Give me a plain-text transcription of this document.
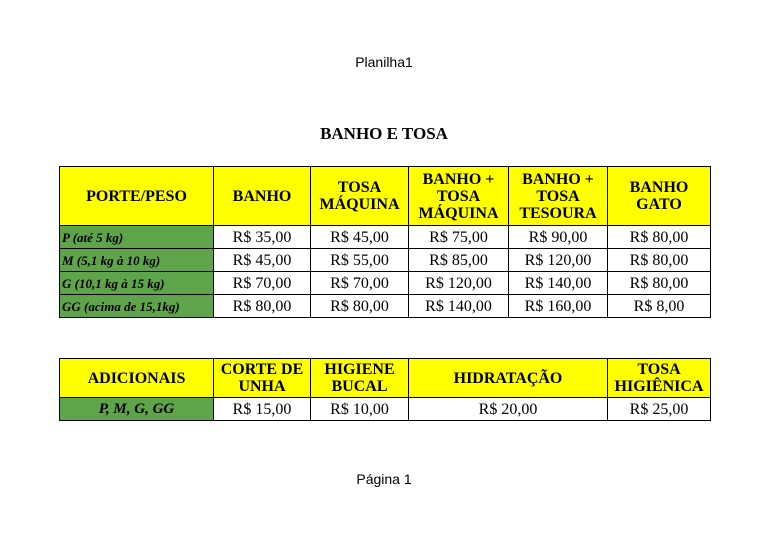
Planilha1
BANHO E TOSA
PORTE/PESO	BANHO	TOSA MÁQUINA	BANHO + TOSA MÁQUINA	BANHO + TOSA TESOURA	BANHO GATO
P (até 5 kg)	R$ 35,00	R$ 45,00	R$ 75,00	R$ 90,00	R$ 80,00
M (5,1 kg à 10 kg)	R$ 45,00	R$ 55,00	R$ 85,00	R$ 120,00	R$ 80,00
G (10,1 kg à 15 kg)	R$ 70,00	R$ 70,00	R$ 120,00	R$ 140,00	R$ 80,00
GG (acima de 15,1kg)	R$ 80,00	R$ 80,00	R$ 140,00	R$ 160,00	R$ 8,00
ADICIONAIS	CORTE DE UNHA	HIGIENE BUCAL	HIDRATAÇÃO	TOSA HIGIÊNICA
P, M, G, GG	R$ 15,00	R$ 10,00	R$ 20,00	R$ 25,00
Página 1
